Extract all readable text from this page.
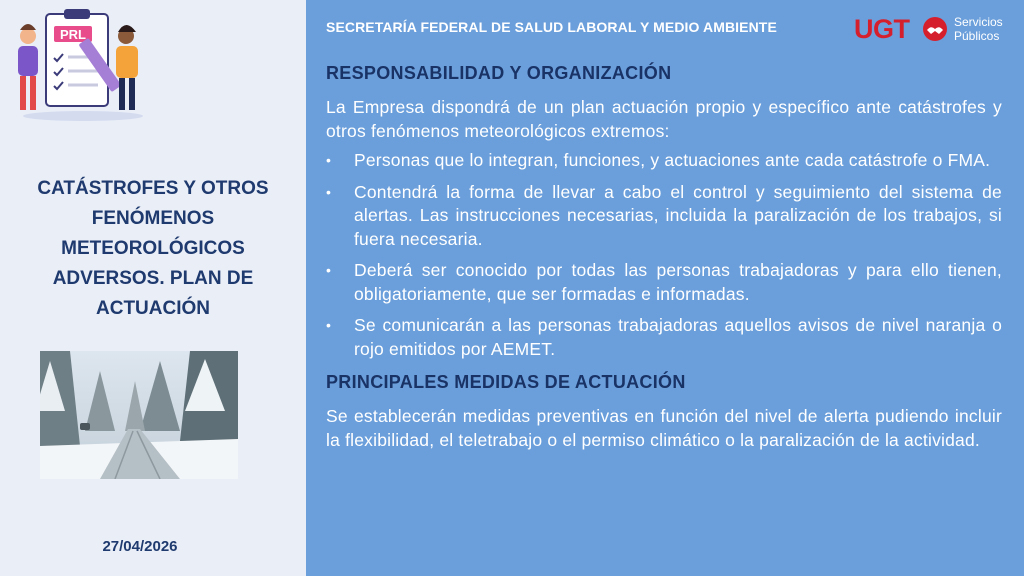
PRL
CATÁSTROFES Y OTROS FENÓMENOS METEOROLÓGICOS ADVERSOS. PLAN DE ACTUACIÓN
27/04/2026
SECRETARÍA FEDERAL DE SALUD LABORAL Y MEDIO AMBIENTE	UGT	Servicios
Públicos
RESPONSABILIDAD Y ORGANIZACIÓN

La Empresa dispondrá de un plan actuación propio y específico ante catástrofes y otros fenómenos meteorológicos extremos:

• Personas que lo integran, funciones, y actuaciones ante cada catástrofe o FMA.
• Contendrá la forma de llevar a cabo el control y seguimiento del sistema de alertas. Las instrucciones necesarias, incluida la paralización de los trabajos, si fuera necesaria.
• Deberá ser conocido por todas las personas trabajadoras y para ello tienen, obligatoriamente, que ser formadas e informadas.
• Se comunicarán a las personas trabajadoras aquellos avisos de nivel naranja o rojo emitidos por AEMET.
PRINCIPALES MEDIDAS DE ACTUACIÓN

Se establecerán medidas preventivas en función del nivel de alerta pudiendo incluir la flexibilidad, el teletrabajo o el permiso climático o la paralización de la actividad.
